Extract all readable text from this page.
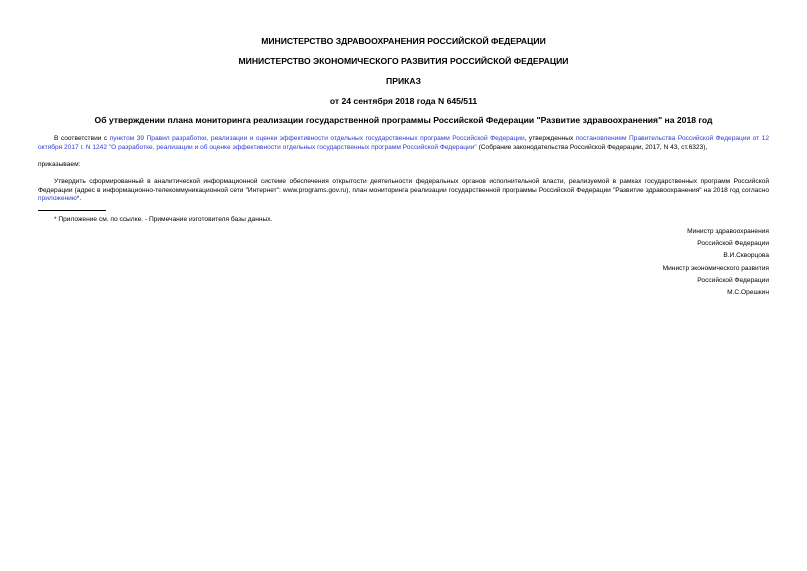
МИНИСТЕРСТВО ЗДРАВООХРАНЕНИЯ РОССИЙСКОЙ ФЕДЕРАЦИИ
МИНИСТЕРСТВО ЭКОНОМИЧЕСКОГО РАЗВИТИЯ РОССИЙСКОЙ ФЕДЕРАЦИИ
ПРИКАЗ
от 24 сентября 2018 года N 645/511
Об утверждении плана мониторинга реализации государственной программы Российской Федерации "Развитие здравоохранения" на 2018 год
В соответствии с пунктом 39 Правил разработки, реализации и оценки эффективности отдельных государственных программ Российской Федерации, утвержденных постановлением Правительства Российской Федерации от 12 октября 2017 г. N 1242 "О разработке, реализации и об оценке эффективности отдельных государственных программ Российской Федерации" (Собрание законодательства Российской Федерации, 2017, N 43, ст.6323),
приказываем:
Утвердить сформированный в аналитической информационной системе обеспечения открытости деятельности федеральных органов исполнительной власти, реализуемой в рамках государственных программ Российской Федерации (адрес в информационно-телекоммуникационной сети "Интернет": www.programs.gov.ru), план мониторинга реализации государственной программы Российской Федерации "Развитие здравоохранения" на 2018 год согласно приложению*.
* Приложение см. по ссылке. - Примечание изготовителя базы данных.
Министр здравоохранения
Российской Федерации
В.И.Скворцова
Министр экономического развития
Российской Федерации
М.С.Орешкин
